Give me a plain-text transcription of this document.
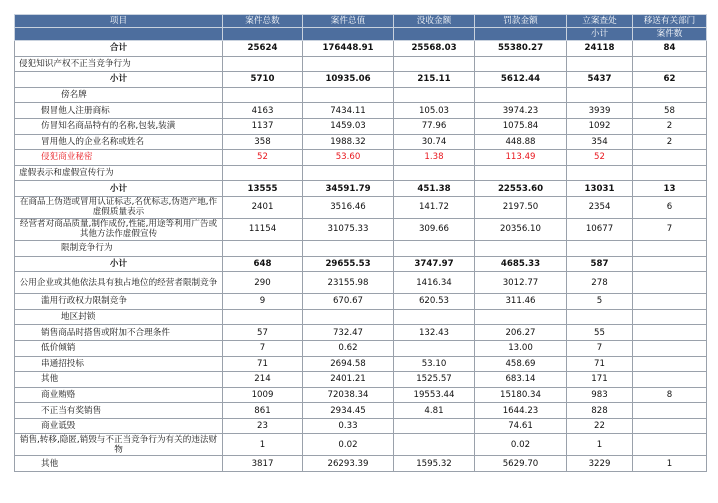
项目	案件总数	案件总值	没收金额	罚款金额	立案查处	移送有关部门
					小计	案件数
合计	25624	176448.91	25568.03	55380.27	24118	84
侵犯知识产权不正当竞争行为						
小计	5710	10935.06	215.11	5612.44	5437	62
傍名牌						
假冒他人注册商标	4163	7434.11	105.03	3974.23	3939	58
仿冒知名商品特有的名称,包装,装潢	1137	1459.03	77.96	1075.84	1092	2
冒用他人的企业名称或姓名	358	1988.32	30.74	448.88	354	2
侵犯商业秘密	52	53.60	1.38	113.49	52	
虚假表示和虚假宣传行为						
小计	13555	34591.79	451.38	22553.60	13031	13
在商品上伪造或冒用认证标志,名优标志,伪造产地,作虚假质量表示	2401	3516.46	141.72	2197.50	2354	6
经营者对商品质量,制作成份,性能,用途等利用广告或其他方法作虚假宣传	11154	31075.33	309.66	20356.10	10677	7
限制竞争行为						
小计	648	29655.53	3747.97	4685.33	587	
公用企业或其他依法具有独占地位的经营者限制竞争	290	23155.98	1416.34	3012.77	278	
滥用行政权力限制竞争	9	670.67	620.53	311.46	5	
地区封锁						
销售商品时搭售或附加不合理条件	57	732.47	132.43	206.27	55	
低价倾销	7	0.62		13.00	7	
串通招投标	71	2694.58	53.10	458.69	71	
其他	214	2401.21	1525.57	683.14	171	
商业贿赂	1009	72038.34	19553.44	15180.34	983	8
不正当有奖销售	861	2934.45	4.81	1644.23	828	
商业诋毁	23	0.33		74.61	22	
销售,转移,隐匿,销毁与不正当竞争行为有关的违法财物	1	0.02		0.02	1	
其他	3817	26293.39	1595.32	5629.70	3229	1
